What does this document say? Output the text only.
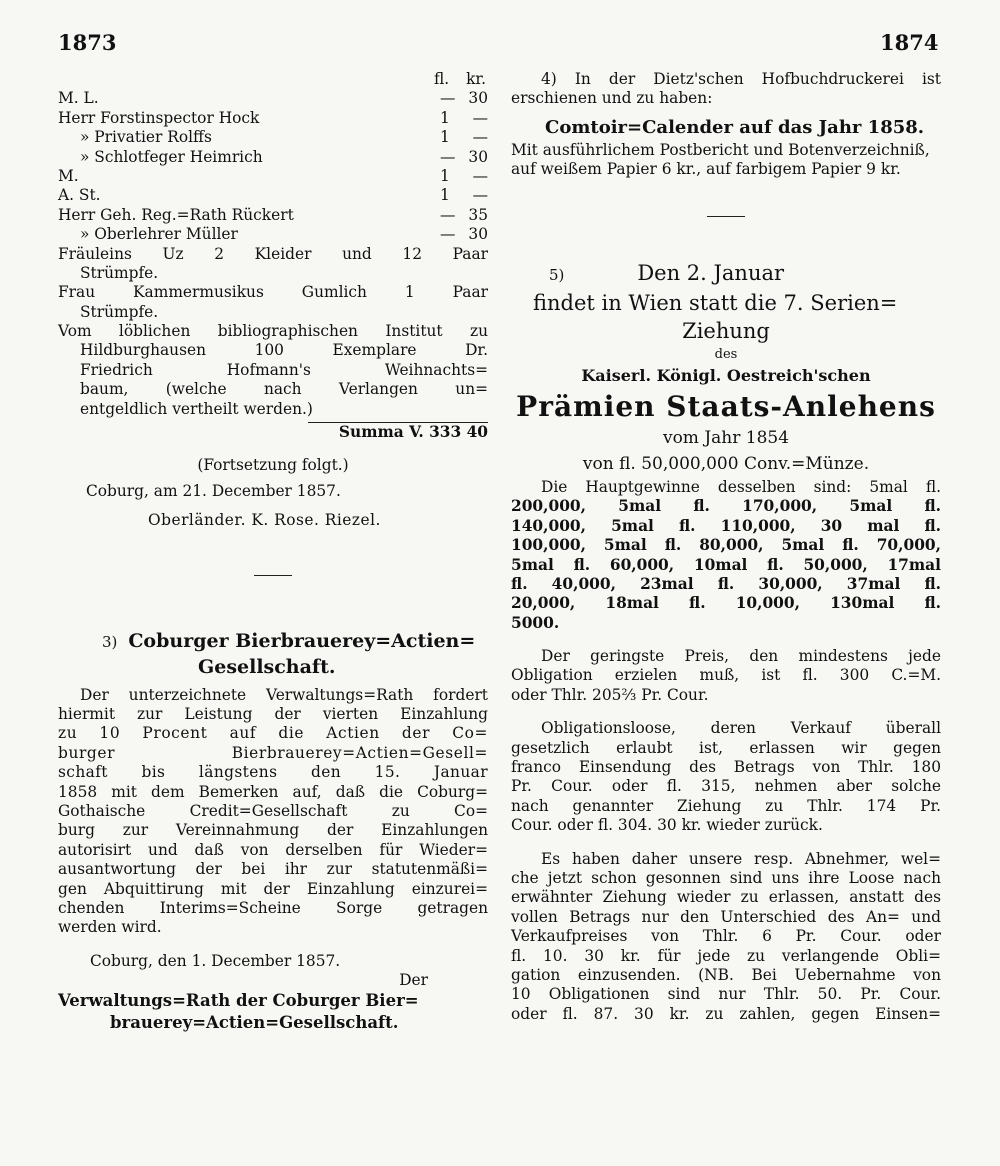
1873	1874
fl. kr.
M. L.	— 30
Herr Forstinspector Hock	1	—
» Privatier Rolffs	1	—
» Schlotfeger Heimrich	— 30
M.	1	—
A. St.	1	—
Herr Geh. Reg.=Rath Rückert	— 35
» Oberlehrer Müller	— 30
Fräuleins Uz 2 Kleider und 12 Paar
Strümpfe.
Frau Kammermusikus Gumlich 1 Paar
Strümpfe.
Vom löblichen bibliographischen Institut zu
Hildburghausen 100 Exemplare Dr.
Friedrich Hofmann's Weihnachts=
baum, (welche nach Verlangen un=
entgeldlich vertheilt werden.)
Summa V. 333 40
(Fortsetzung folgt.)
Coburg, am 21. December 1857.
Oberländer. K. Rose. Riezel.
3) Coburger Bierbrauerey=Actien=
Gesellschaft.
Der unterzeichnete Verwaltungs=Rath fordert
hiermit zur Leistung der vierten Einzahlung
zu 10 Procent auf die Actien der Co=
burger Bierbrauerey=Actien=Gesell=
schaft bis längstens den 15. Januar
1858 mit dem Bemerken auf, daß die Coburg=
Gothaische Credit=Gesellschaft zu Co=
burg zur Vereinnahmung der Einzahlungen
autorisirt und daß von derselben für Wieder=
ausantwortung der bei ihr zur statutenmäßi=
gen Abquittirung mit der Einzahlung einzurei=
chenden Interims=Scheine Sorge getragen
werden wird.
Coburg, den 1. December 1857.
Der
Verwaltungs=Rath der Coburger Bier=
brauerey=Actien=Gesellschaft.
4) In der Dietz'schen Hofbuchdruckerei ist
erschienen und zu haben:
Comtoir=Calender auf das Jahr 1858.
Mit ausführlichem Postbericht und Botenverzeichniß,
auf weißem Papier 6 kr., auf farbigem Papier 9 kr.
5)	Den 2. Januar
findet in Wien statt die 7. Serien=
Ziehung
des
Kaiserl. Königl. Oestreich'schen
Prämien Staats-Anlehens
vom Jahr 1854
von fl. 50,000,000 Conv.=Münze.
Die Hauptgewinne desselben sind: 5mal fl.
200,000, 5mal fl. 170,000, 5mal fl.
140,000, 5mal fl. 110,000, 30 mal fl.
100,000, 5mal fl. 80,000, 5mal fl. 70,000,
5mal fl. 60,000, 10mal fl. 50,000, 17mal
fl. 40,000, 23mal fl. 30,000, 37mal fl.
20,000, 18mal fl. 10,000, 130mal fl.
5000.
Der geringste Preis, den mindestens jede
Obligation erzielen muß, ist fl. 300 C.=M.
oder Thlr. 205⅔ Pr. Cour.
Obligationsloose, deren Verkauf überall
gesetzlich erlaubt ist, erlassen wir gegen
franco Einsendung des Betrags von Thlr. 180
Pr. Cour. oder fl. 315, nehmen aber solche
nach genannter Ziehung zu Thlr. 174 Pr.
Cour. oder fl. 304. 30 kr. wieder zurück.
Es haben daher unsere resp. Abnehmer, wel=
che jetzt schon gesonnen sind uns ihre Loose nach
erwähnter Ziehung wieder zu erlassen, anstatt des
vollen Betrags nur den Unterschied des An= und
Verkaufpreises von Thlr. 6 Pr. Cour. oder
fl. 10. 30 kr. für jede zu verlangende Obli=
gation einzusenden. (NB. Bei Uebernahme von
10 Obligationen sind nur Thlr. 50. Pr. Cour.
oder fl. 87. 30 kr. zu zahlen, gegen Einsen=
